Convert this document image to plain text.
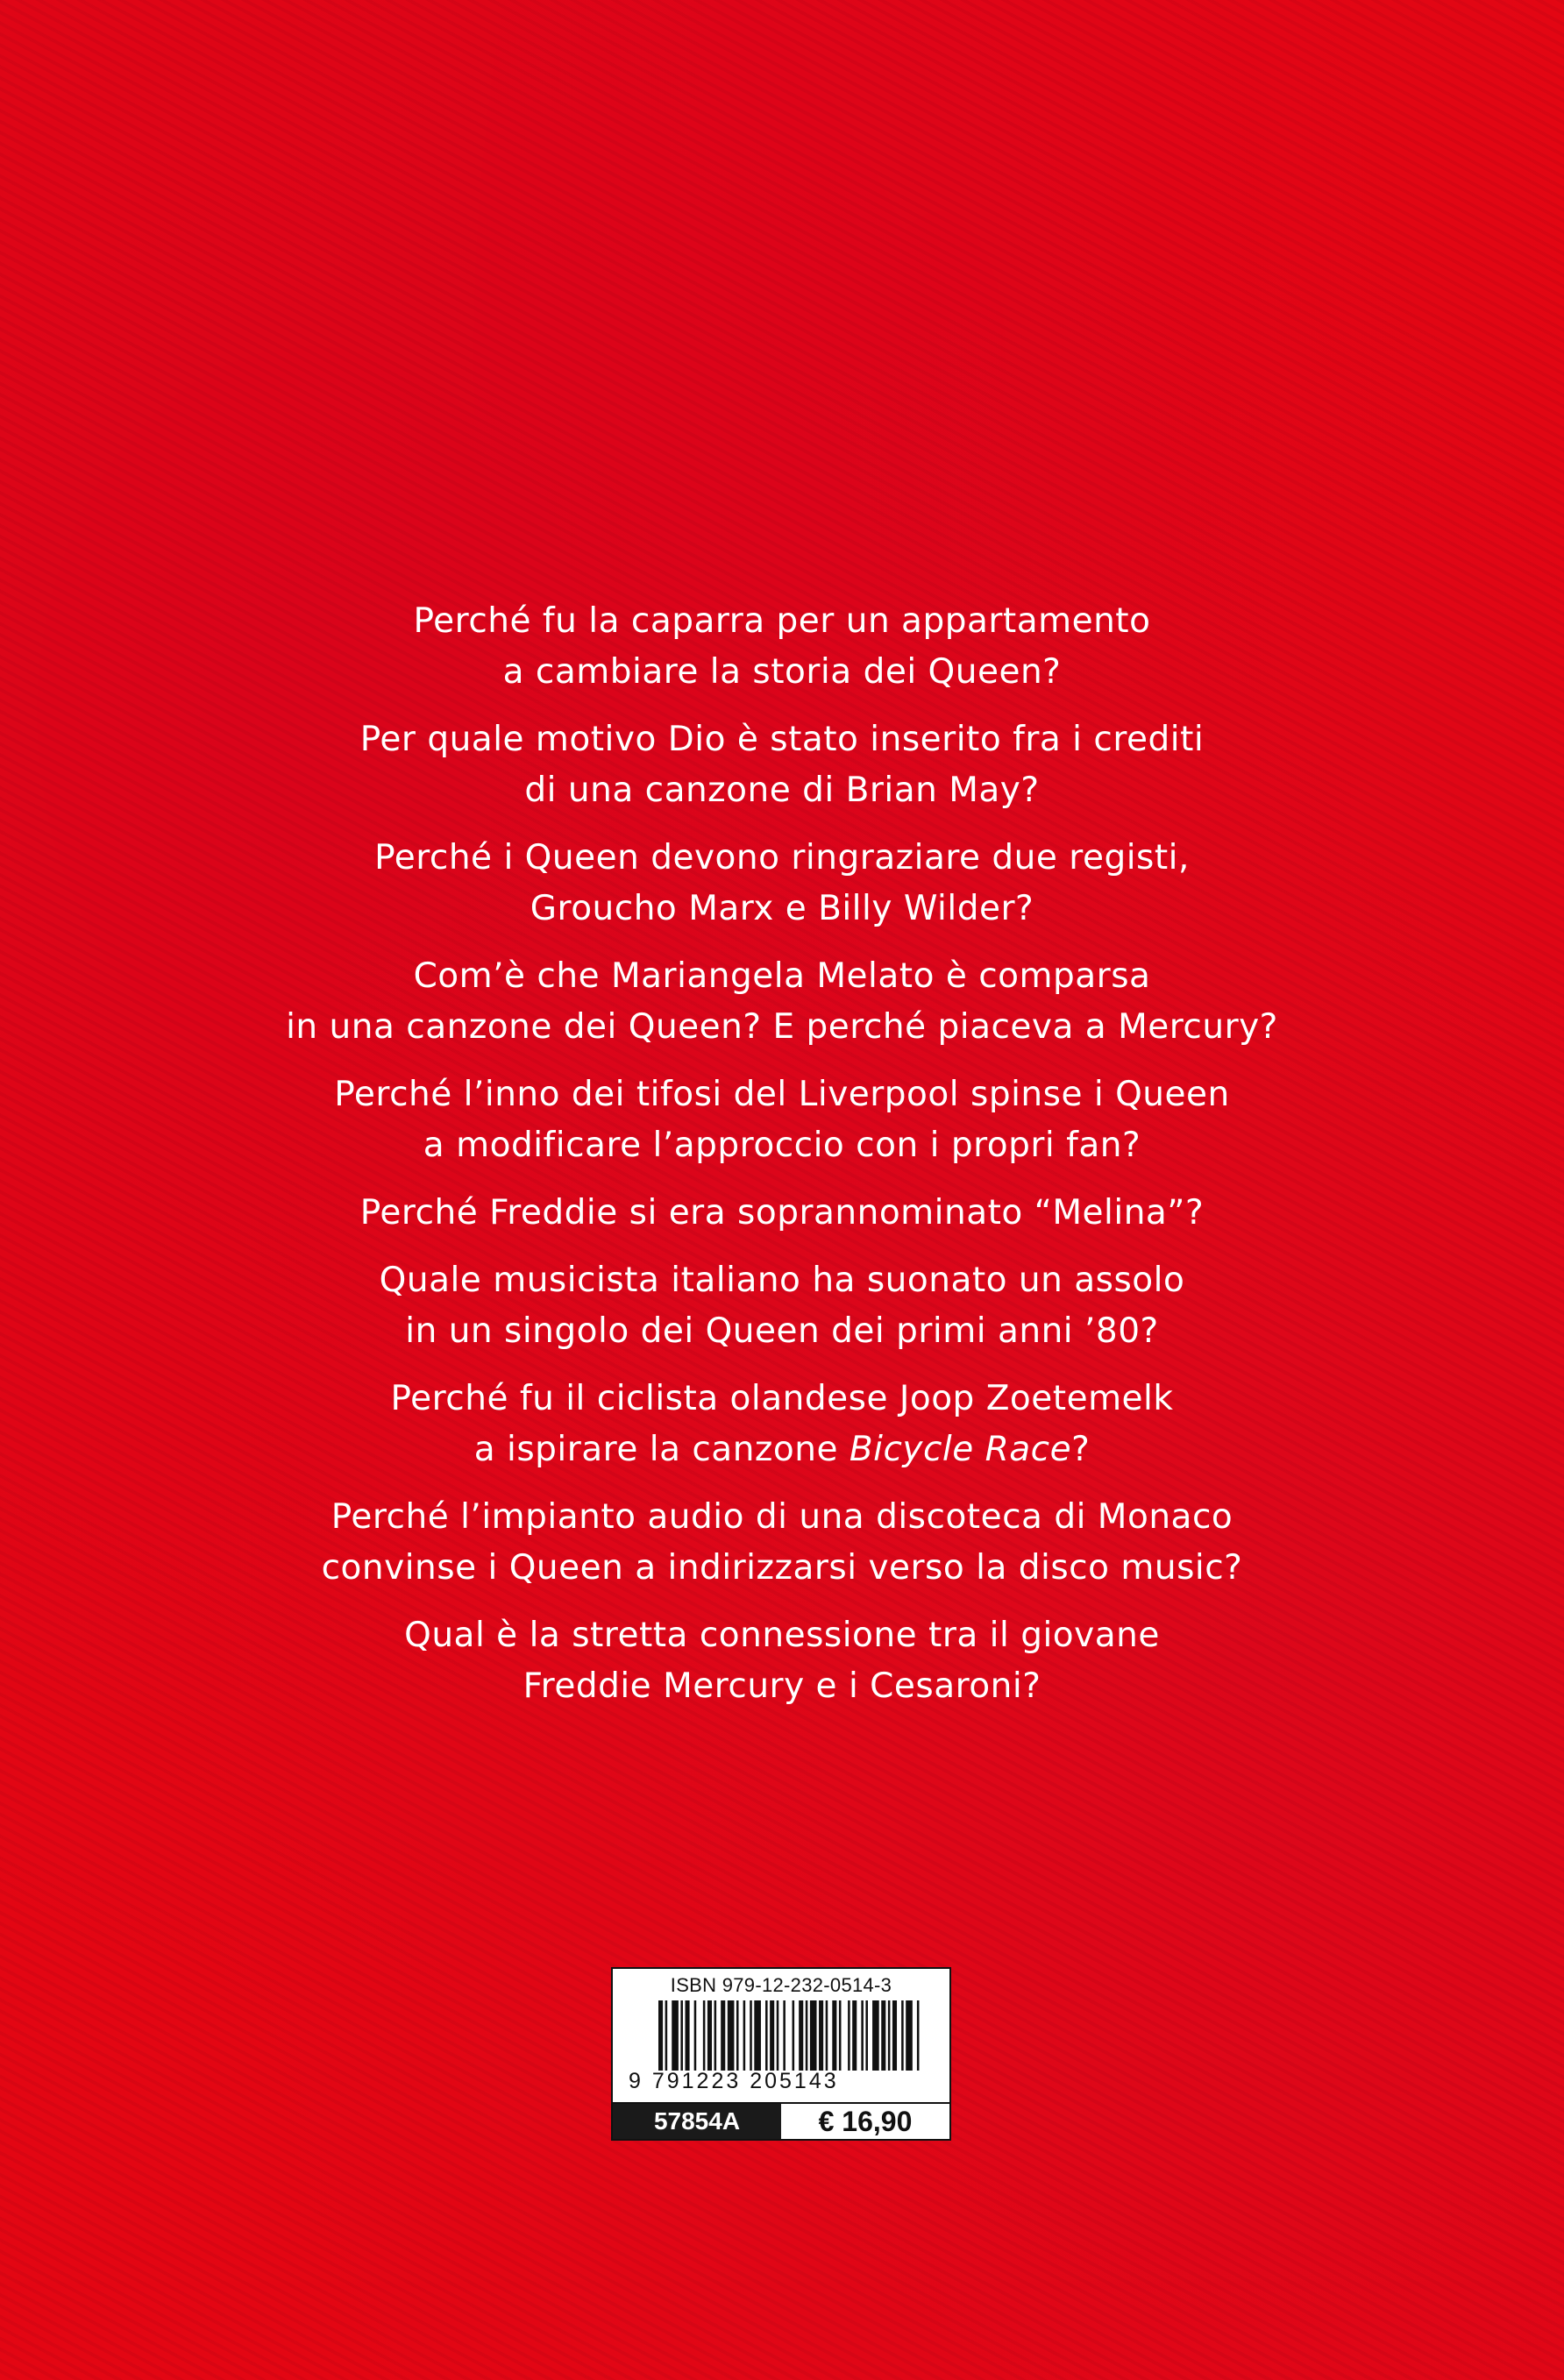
Perché fu la caparra per un appartamento
a cambiare la storia dei Queen?

Per quale motivo Dio è stato inserito fra i crediti
di una canzone di Brian May?

Perché i Queen devono ringraziare due registi,
Groucho Marx e Billy Wilder?

Com’è che Mariangela Melato è comparsa
in una canzone dei Queen? E perché piaceva a Mercury?

Perché l’inno dei tifosi del Liverpool spinse i Queen
a modificare l’approccio con i propri fan?

Perché Freddie si era soprannominato “Melina”?

Quale musicista italiano ha suonato un assolo
in un singolo dei Queen dei primi anni ’80?

Perché fu il ciclista olandese Joop Zoetemelk
a ispirare la canzone Bicycle Race?

Perché l’impianto audio di una discoteca di Monaco
convinse i Queen a indirizzarsi verso la disco music?

Qual è la stretta connessione tra il giovane
Freddie Mercury e i Cesaroni?

ISBN 979-12-232-0514-3
9 791223 205143
57854A	€ 16,90
